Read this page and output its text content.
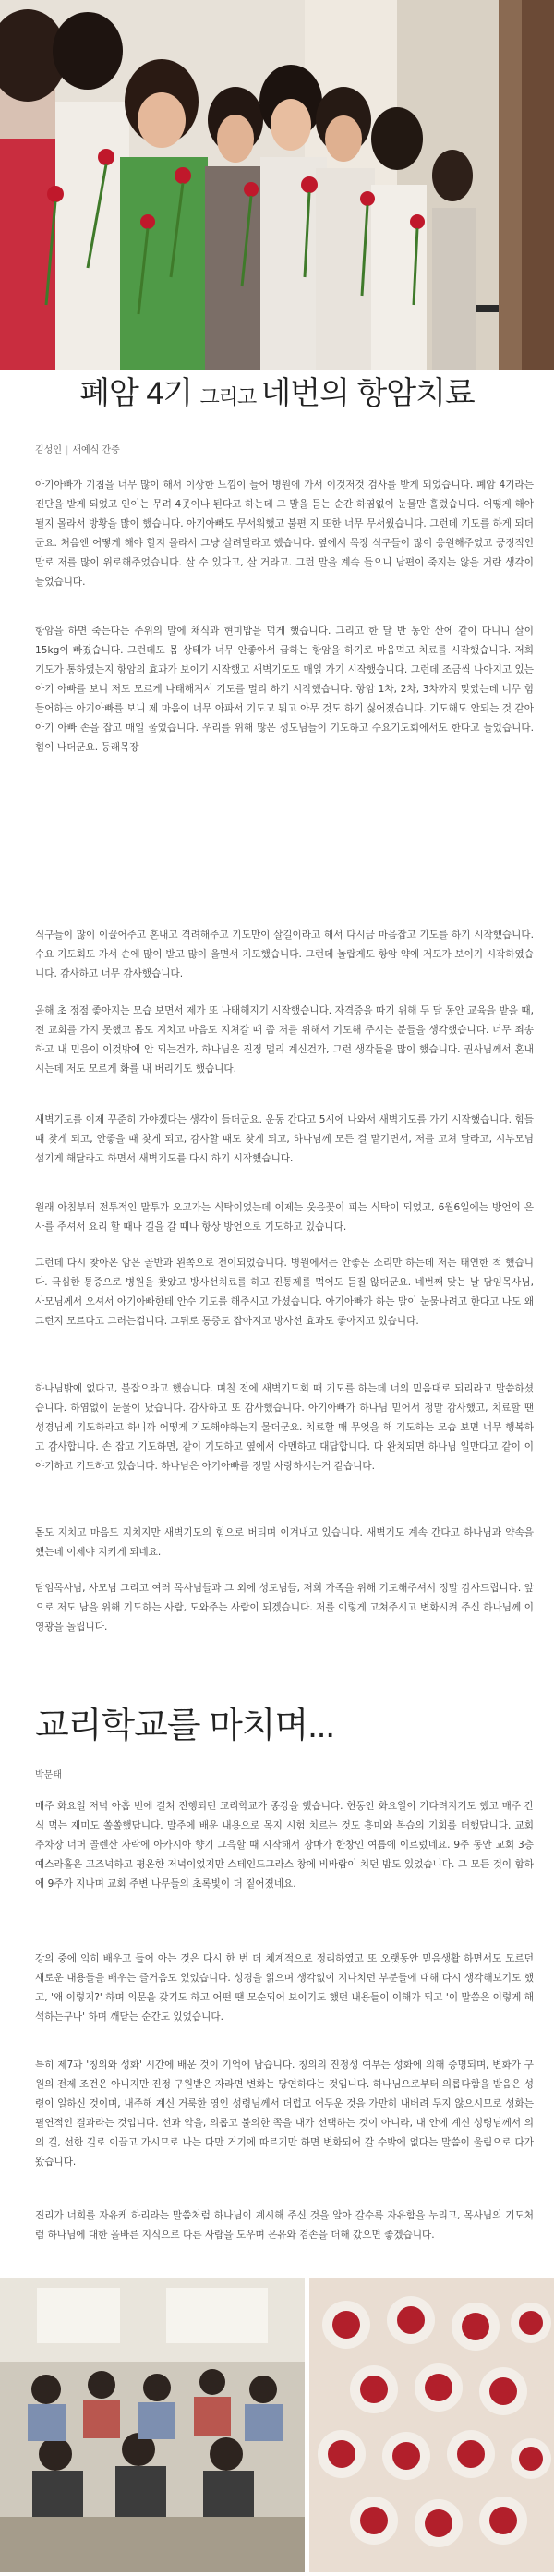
폐암 4기 그리고 네번의 항암치료
김성인 | 새예식 간증

아기아빠가 기침을 너무 많이 해서 이상한 느낌이 들어 병원에 가서 이것저것 검사를 받게 되었습니다. 폐암 4기라는 진단을 받게 되었고 인이는 무려 4곳이나 된다고 하는데 그 말을 듣는 순간 하염없이 눈물만 흘렸습니다. 어떻게 해야 될지 몰라서 방황을 많이 했습니다. 아기아빠도 무서워했고 불편 지 또한 너무 무서웠습니다. 그런데 기도를 하게 되더군요. 처음엔 어떻게 해야 할지 몰라서 그냥 살려달라고 했습니다. 옆에서 목장 식구들이 많이 응원해주었고 긍정적인 말로 저를 많이 위로해주었습니다. 살 수 있다고, 살 거라고. 그런 말을 계속 들으니 남편이 죽지는 않을 거란 생각이 들었습니다.

항암을 하면 죽는다는 주위의 말에 채식과 현미밥을 먹게 했습니다. 그리고 한 달 반 동안 산에 같이 다니니 살이 15kg이 빠졌습니다. 그런데도 몸 상태가 너무 안좋아서 급하는 항암을 하기로 마음먹고 치료를 시작했습니다. 저희 기도가 통하였는지 항암의 효과가 보이기 시작했고 새벽기도도 매일 가기 시작했습니다. 그런데 조금씩 나아지고 있는 아기 아빠를 보니 저도 모르게 나태해져서 기도를 멀리 하기 시작했습니다. 항암 1차, 2차, 3차까지 맞았는데 너무 힘들어하는 아기아빠를 보니 제 마음이 너무 아파서 기도고 뭐고 아무 것도 하기 싫어졌습니다. 기도해도 안되는 것 같아 아기 아빠 손을 잡고 매일 울었습니다. 우리를 위해 많은 성도님들이 기도하고 수요기도회에서도 한다고 들었습니다. 힘이 나더군요. 등래목장

식구들이 많이 이끌어주고 혼내고 격려해주고 기도만이 살길이라고 해서 다시금 마음잡고 기도를 하기 시작했습니다. 수요 기도회도 가서 손에 많이 받고 많이 울면서 기도했습니다. 그런데 놀랍게도 항암 약에 저도가 보이기 시작하였습니다. 감사하고 너무 감사했습니다.

올해 초 정점 좋아지는 모습 보면서 제가 또 나태해지기 시작했습니다. 자격증을 따기 위해 두 달 동안 교육을 받을 때, 전 교회를 가지 못했고 몸도 지치고 마음도 지쳐갈 때 쯤 저를 위해서 기도해 주시는 분들을 생각했습니다. 너무 죄송하고 내 믿음이 이것밖에 안 되는건가, 하나님은 진정 멀리 계신건가, 그런 생각들을 많이 했습니다. 권사님께서 혼내시는데 저도 모르게 화를 내 버리기도 했습니다.

새벽기도를 이제 꾸준히 가야겠다는 생각이 들더군요. 운동 간다고 5시에 나와서 새벽기도를 가기 시작했습니다. 힘들 때 찾게 되고, 안좋을 때 찾게 되고, 감사할 때도 찾게 되고, 하나님께 모든 걸 맡기면서, 저를 고쳐 달라고, 시부모님 섬기게 해달라고 하면서 새벽기도를 다시 하기 시작했습니다.

원래 아침부터 전투적인 말투가 오고가는 식탁이었는데 이제는 웃음꽃이 피는 식탁이 되었고, 6월6일에는 방언의 은사를 주셔서 요리 할 때나 길을 갈 때나 항상 방언으로 기도하고 있습니다.

그런데 다시 찾아온 암은 골반과 왼쪽으로 전이되었습니다. 병원에서는 안좋은 소리만 하는데 저는 태연한 척 했습니다. 극심한 통증으로 병원을 찾았고 방사선치료를 하고 진통제를 먹어도 듣질 않더군요. 네번째 맞는 날 담임목사님, 사모님께서 오셔서 아기아빠한테 안수 기도를 해주시고 가셨습니다. 아기아빠가 하는 말이 눈물나려고 한다고 나도 왜그런지 모르다고 그러는겁니다. 그뒤로 통증도 잡아지고 방사선 효과도 좋아지고 있습니다.

하나님밖에 없다고, 불잡으라고 했습니다. 며칠 전에 새벽기도회 때 기도를 하는데 너의 믿음대로 되리라고 말씀하셨습니다. 하염없이 눈물이 났습니다. 감사하고 또 감사했습니다. 아기아빠가 하나님 믿어서 정말 감사했고, 치료할 땐 성경님께 기도하라고 하니까 어떻게 기도해야하는지 물더군요. 치료할 때 무엇을 해 기도하는 모습 보면 너무 행복하고 감사합니다. 손 잡고 기도하면, 같이 기도하고 옆에서 아멘하고 대답합니다. 다 완치되면 하나님 일만다고 같이 이야기하고 기도하고 있습니다. 하나님은 아기아빠를 정말 사랑하시는거 같습니다.

몸도 지치고 마음도 지치지만 새벽기도의 힘으로 버티며 이겨내고 있습니다. 새벽기도 계속 간다고 하나님과 약속을 했는데 이제야 지키게 되네요.

담임목사님, 사모님 그리고 여러 목사님들과 그 외에 성도님들, 저희 가족을 위해 기도해주셔서 정말 감사드립니다. 앞으로 저도 남을 위해 기도하는 사람, 도와주는 사람이 되겠습니다. 저를 이렇게 고쳐주시고 변화시켜 주신 하나님께 이 영광을 돌립니다.

교리학교를 마치며...
박문태

매주 화요일 저녁 아홉 번에 걸쳐 진행되던 교리학교가 종강을 했습니다. 헌동안 화요일이 기다려지기도 했고 매주 간식 먹는 재미도 쏠쏠했답니다. 말주에 배운 내용으로 목지 시험 치르는 것도 흥미와 복습의 기회를 더했답니다. 교회 주차장 너머 골렌산 자락에 아카시아 향기 그윽할 때 시작해서 장마가 한창인 여름에 이르렀네요. 9주 동안 교회 3층 예스라홀은 고즈넉하고 평온한 저녁이었지만 스테인드그라스 창에 비바람이 치던 밤도 있었습니다. 그 모든 것이 함하에 9주가 지나며 교회 주변 나무들의 초록빛이 더 짙어졌네요.

강의 중에 익히 배우고 들어 아는 것은 다시 한 번 더 체계적으로 정리하였고 또 오랫동안 믿음생활 하면서도 모르던 새로운 내용들을 배우는 즐거움도 있었습니다. 성경을 읽으며 생각없이 지나치던 부분들에 대해 다시 생각해보기도 했고, '왜 이렇지?' 하며 의문을 갖기도 하고 어떤 땐 모순되어 보이기도 했던 내용들이 이해가 되고 '이 말씀은 이렇게 해석하는구나' 하며 깨닫는 순간도 있었습니다.

특히 제7과 '칭의와 성화' 시간에 배운 것이 기억에 남습니다. 칭의의 진정성 여부는 성화에 의해 증명되며, 변화가 구원의 전제 조건은 아니지만 진정 구원받은 자라면 변화는 당연하다는 것입니다. 하나님으로부터 의롭다함을 받음은 성령이 일하신 것이며, 내주해 계신 거룩한 영인 성령님께서 더럽고 어두운 것을 가만히 내버려 두지 않으시므로 성화는 필연적인 결과라는 것입니다. 선과 악을, 의롭고 불의한 쪽을 내가 선택하는 것이 아니라, 내 안에 계신 성령님께서 의의 길, 선한 길로 이끌고 가시므로 나는 다만 거기에 따르기만 하면 변화되어 갈 수밖에 없다는 말씀이 울림으로 다가왔습니다.

진리가 너희를 자유케 하리라는 말씀처럼 하나님이 계시해 주신 것을 알아 갈수록 자유함을 누리고, 목사님의 기도처럼 하나님에 대한 올바른 지식으로 다른 사람을 도우며 은유와 겸손을 더해 갔으면 좋겠습니다.
